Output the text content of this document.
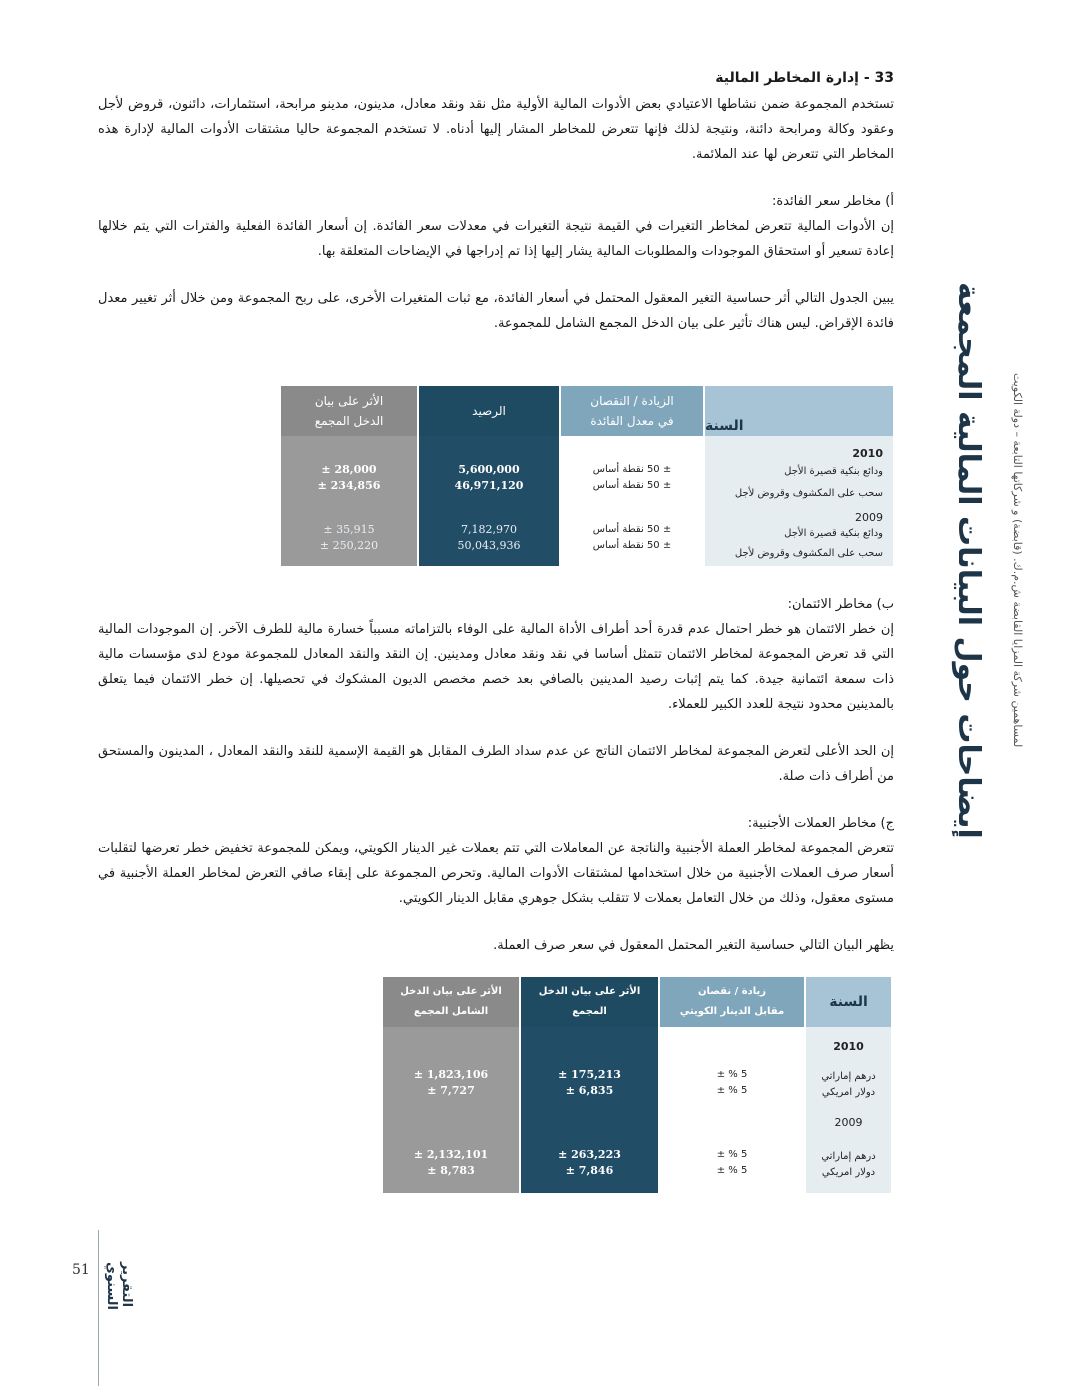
33 - إدارة المخاطر المالية

تستخدم المجموعة ضمن نشاطها الاعتيادي بعض الأدوات المالية الأولية مثل نقد ونقد معادل، مدينون، مدينو مرابحة، استثمارات، دائنون، قروض لأجل وعقود وكالة ومرابحة دائنة، ونتيجة لذلك فإنها تتعرض للمخاطر المشار إليها أدناه. لا تستخدم المجموعة حاليا مشتقات الأدوات المالية لإدارة هذه المخاطر التي تتعرض لها عند الملائمة.

أ) مخاطر سعر الفائدة:

إن الأدوات المالية تتعرض لمخاطر التغيرات في القيمة نتيجة التغيرات في معدلات سعر الفائدة. إن أسعار الفائدة الفعلية والفترات التي يتم خلالها إعادة تسعير أو استحقاق الموجودات والمطلوبات المالية يشار إليها إذا تم إدراجها في الإيضاحات المتعلقة بها.

يبين الجدول التالي أثر حساسية التغير المعقول المحتمل في أسعار الفائدة، مع ثبات المتغيرات الأخرى، على ربح المجموعة ومن خلال أثر تغيير معدل فائدة الإقراض. ليس هناك تأثير على بيان الدخل المجمع الشامل للمجموعة.

السنة
2010
ودائع بنكية قصيرة الأجل
سحب على المكشوف وقروض لأجل
2009
ودائع بنكية قصيرة الأجل
سحب على المكشوف وقروض لأجل
الزيادة / النقصان
في معدل الفائدة
± 50 نقطة أساس
± 50 نقطة أساس
± 50 نقطة أساس
± 50 نقطة أساس
الرصيد
5,600,000
46,971,120
7,182,970
50,043,936
الأثر على بيان
الدخل المجمع
28,000 ±
234,856 ±
35,915 ±
250,220 ±

ب) مخاطر الائتمان:

إن خطر الائتمان هو خطر احتمال عدم قدرة أحد أطراف الأداة المالية على الوفاء بالتزاماته مسبباً خسارة مالية للطرف الآخر. إن الموجودات المالية التي قد تعرض المجموعة لمخاطر الائتمان تتمثل أساسا في نقد ونقد معادل ومدينين. إن النقد والنقد المعادل للمجموعة مودع لدى مؤسسات مالية ذات سمعة ائتمانية جيدة. كما يتم إثبات رصيد المدينين بالصافي بعد خصم مخصص الديون المشكوك في تحصيلها. إن خطر الائتمان فيما يتعلق بالمدينين محدود نتيجة للعدد الكبير للعملاء.

إن الحد الأعلى لتعرض المجموعة لمخاطر الائتمان الناتج عن عدم سداد الطرف المقابل هو القيمة الإسمية للنقد والنقد المعادل ، المدينون والمستحق من أطراف ذات صلة.

ج) مخاطر العملات الأجنبية:

تتعرض المجموعة لمخاطر العملة الأجنبية والناتجة عن المعاملات التي تتم بعملات غير الدينار الكويتي، ويمكن للمجموعة تخفيض خطر تعرضها لتقلبات أسعار صرف العملات الأجنبية من خلال استخدامها لمشتقات الأدوات المالية. وتحرص المجموعة على إبقاء صافي التعرض لمخاطر العملة الأجنبية في مستوى معقول، وذلك من خلال التعامل بعملات لا تتقلب بشكل جوهري مقابل الدينار الكويتي.

يظهر البيان التالي حساسية التغير المحتمل المعقول في سعر صرف العملة.

السنة
2010
درهم إماراتي
دولار امريكي
2009
درهم إماراتي
دولار امريكي
زيادة / نقصان
مقابل الدينار الكويتي
5 % ±
5 % ±
5 % ±
5 % ±
الأثر على بيان الدخل
المجمع
175,213 ±
6,835 ±
263,223 ±
7,846 ±
الأثر على بيان الدخل
الشامل المجمع
1,823,106 ±
7,727 ±
2,132,101 ±
8,783 ±
إيضاحات حول البيانات المالية المجمعة	لمساهمين شركة المزايا القابضة ش.م.ك. (قابضة) و شركاتها التابعة – دولة الكويت
51	التقرير السنوي
